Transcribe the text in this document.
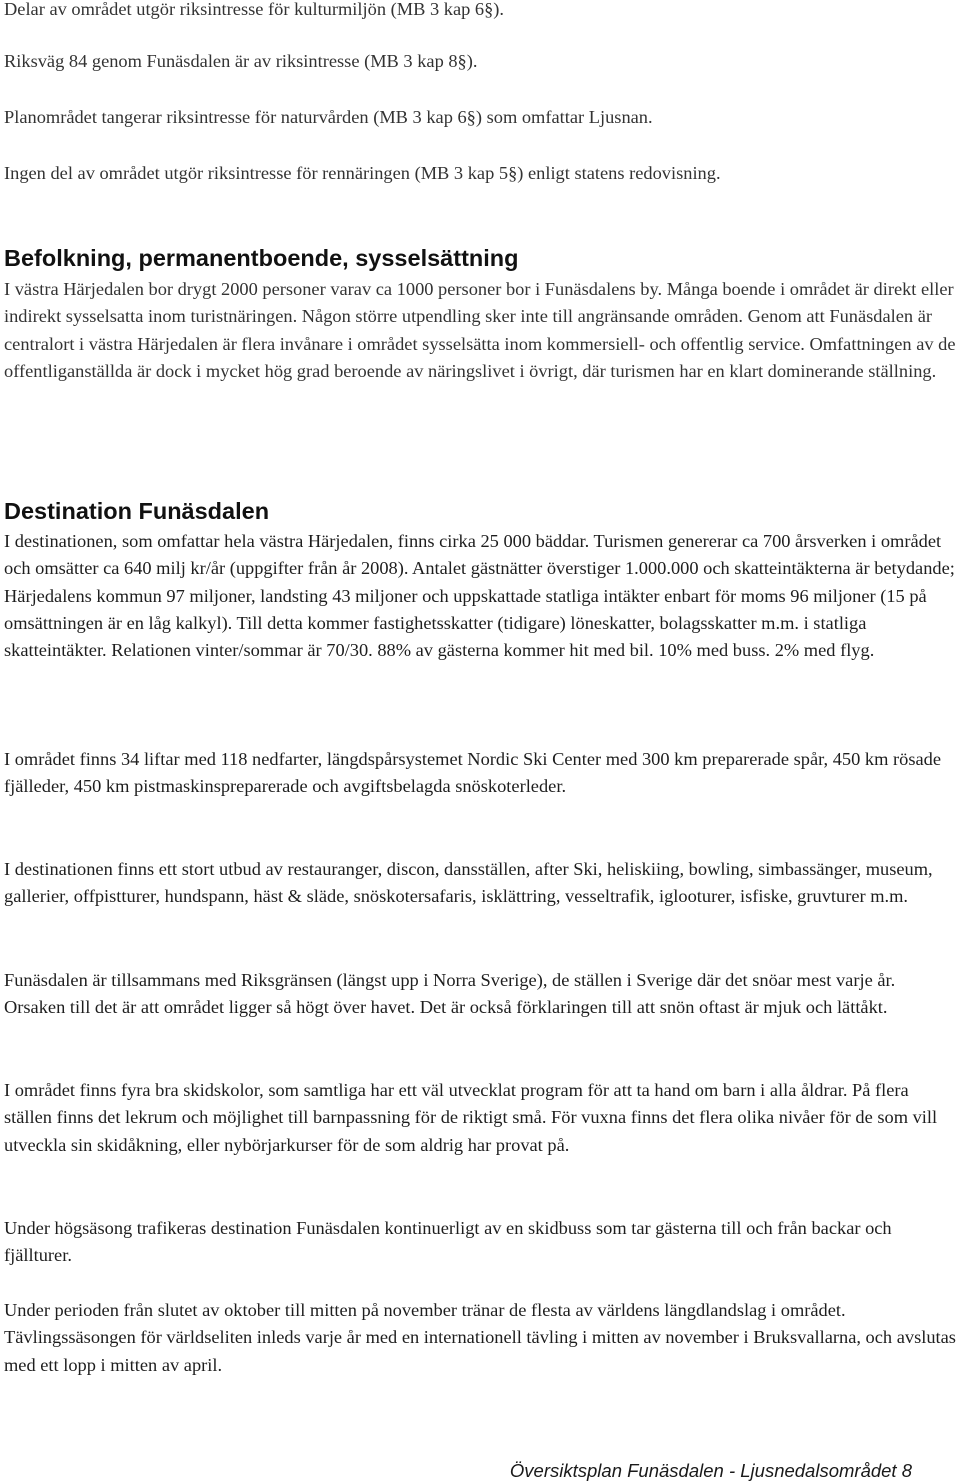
Delar av området utgör riksintresse för kulturmiljön (MB 3 kap 6§).

Riksväg 84 genom Funäsdalen är av riksintresse (MB 3 kap 8§).

Planområdet tangerar riksintresse för naturvården (MB 3 kap 6§) som omfattar Ljusnan.

Ingen del av området utgör riksintresse för rennäringen (MB 3 kap 5§) enligt statens redovisning.

Befolkning, permanentboende, sysselsättning

I västra Härjedalen bor drygt 2000 personer varav ca 1000 personer bor i Funäsdalens by. Många boende i området är direkt eller indirekt sysselsatta inom turistnäringen. Någon större utpendling sker inte till angränsande områden. Genom att Funäsdalen är centralort i västra Härjedalen är flera invånare i området sysselsätta inom kommersiell- och offentlig service. Omfattningen av de offentliganställda är dock i mycket hög grad beroende av näringslivet i övrigt, där turismen har en klart dominerande ställning.

Destination Funäsdalen

I destinationen, som omfattar hela västra Härjedalen, finns cirka 25 000 bäddar. Turismen genererar ca 700 årsverken i området och omsätter ca 640 milj kr/år (uppgifter från år 2008). Antalet gästnätter överstiger 1.000.000 och skatteintäkterna är betydande; Härjedalens kommun 97 miljoner, landsting 43 miljoner och uppskattade statliga intäkter enbart för moms 96 miljoner (15 på omsättningen är en låg kalkyl). Till detta kommer fastighetsskatter (tidigare) löneskatter, bolagsskatter m.m. i statliga skatteintäkter. Relationen vinter/sommar är 70/30. 88% av gästerna kommer hit med bil. 10% med buss. 2% med flyg.

I området finns 34 liftar med 118 nedfarter, längdspårsystemet Nordic Ski Center med 300 km preparerade spår, 450 km rösade fjälleder, 450 km pistmaskinspreparerade och avgiftsbelagda snöskoterleder.

I destinationen finns ett stort utbud av restauranger, discon, dansställen, after Ski, heliskiing, bowling, simbassänger, museum, gallerier, offpistturer, hundspann, häst & släde, snöskotersafaris, isklättring, vesseltrafik, iglooturer, isfiske, gruvturer m.m.

Funäsdalen är tillsammans med Riksgränsen (längst upp i Norra Sverige), de ställen i Sverige där det snöar mest varje år. Orsaken till det är att området ligger så högt över havet. Det är också förklaringen till att snön oftast är mjuk och lättåkt.

I området finns fyra bra skidskolor, som samtliga har ett väl utvecklat program för att ta hand om barn i alla åldrar. På flera ställen finns det lekrum och möjlighet till barnpassning för de riktigt små. För vuxna finns det flera olika nivåer för de som vill utveckla sin skidåkning, eller nybörjarkurser för de som aldrig har provat på.

Under högsäsong trafikeras destination Funäsdalen kontinuerligt av en skidbuss som tar gästerna till och från backar och fjällturer.

Under perioden från slutet av oktober till mitten på november tränar de flesta av världens längdlandslag i området. Tävlingssäsongen för världseliten inleds varje år med en internationell tävling i mitten av november i Bruksvallarna, och avslutas med ett lopp i mitten av april.

Översiktsplan Funäsdalen - Ljusnedalsområdet 8
